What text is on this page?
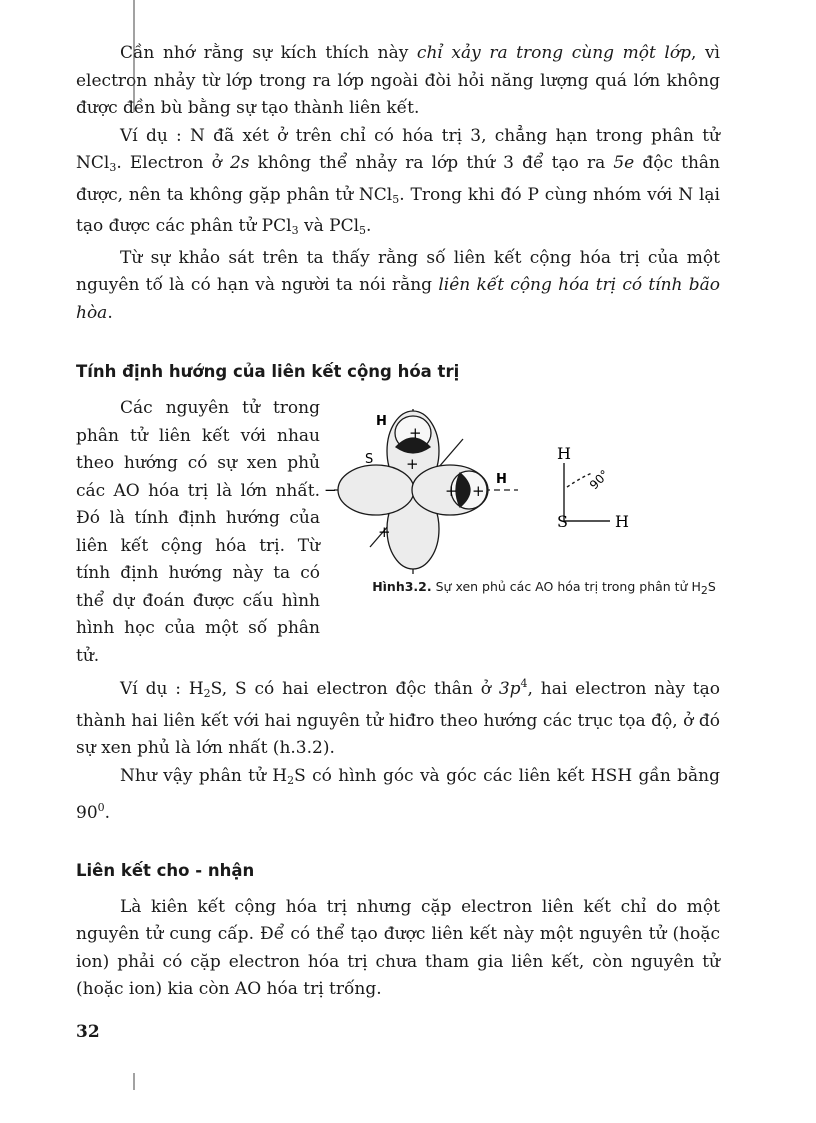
Cần nhớ rằng sự kích thích này chỉ xảy ra trong cùng một lớp, vì electron nhảy từ lớp trong ra lớp ngoài đòi hỏi năng lượng quá lớn không được đền bù bằng sự tạo thành liên kết.

Ví dụ : N đã xét ở trên chỉ có hóa trị 3, chẳng hạn trong phân tử NCl$_3$. Electron ở 2s không thể nhảy ra lớp thứ 3 để tạo ra 5e độc thân được, nên ta không gặp phân tử NCl$_5$. Trong khi đó P cùng nhóm với N lại tạo được các phân tử PCl$_3$ và PCl$_5$.

Từ sự khảo sát trên ta thấy rằng số liên kết cộng hóa trị của một nguyên tố là có hạn và người ta nói rằng liên kết cộng hóa trị có tính bão hòa.

Tính định hướng của liên kết cộng hóa trị

H
S
H
+
+
+ +
+
−
H
S	H
90°
Hình3.2. Sự xen phủ các AO hóa trị trong phân tử $H_2S$
Các nguyên tử trong phân tử liên kết với nhau theo hướng có sự xen phủ các AO hóa trị là lớn nhất. Đó là tính định hướng của liên kết cộng hóa trị. Từ tính định hướng này ta có thể dự đoán được cấu hình hình học của một số phân tử.

Ví dụ : $H_2S$, S có hai electron độc thân ở $3p^4$, hai electron này tạo thành hai liên kết với hai nguyên tử hiđro theo hướng các trục tọa độ, ở đó sự xen phủ là lớn nhất (h.3.2).

Như vậy phân tử $H_2S$ có hình góc và góc các liên kết HSH gần bằng $90^0$.

Liên kết cho - nhận

Là kiên kết cộng hóa trị nhưng cặp electron liên kết chỉ do một nguyên tử cung cấp. Để có thể tạo được liên kết này một nguyên tử (hoặc ion) phải có cặp electron hóa trị chưa tham gia liên kết, còn nguyên tử (hoặc ion) kia còn AO hóa trị trống.

32
